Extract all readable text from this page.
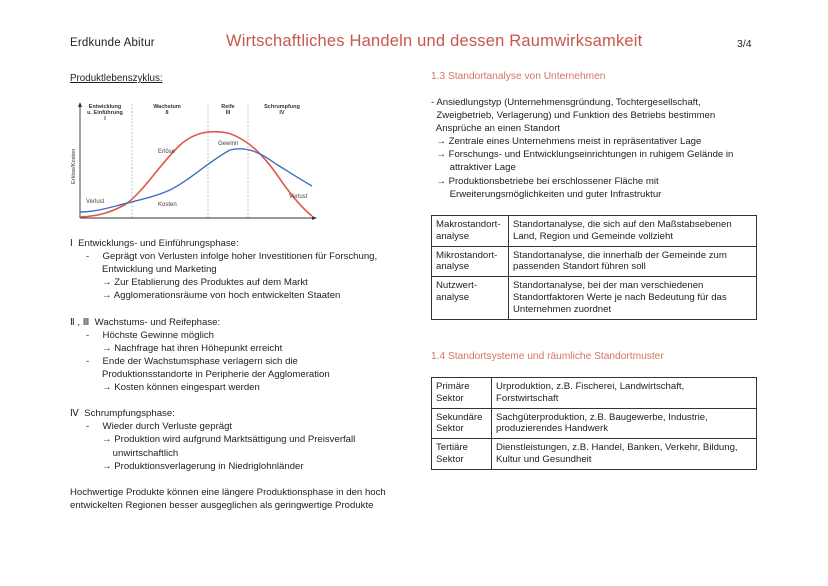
Erdkunde Abitur	Wirtschaftliches Handeln und dessen Raumwirksamkeit	3/4
Produktlebenszyklus:
Erlöse/Kosten
Entwicklung
u. Einführung
I
Wachstum
II
Reife
III
Schrumpfung
IV
Erlöse
Gewinn
Kosten
Verlust
Verlust
Ⅰ  Entwicklungs- und Einführungsphase:
-     Geprägt von Verlusten infolge hoher Investitionen für Forschung,
Entwicklung und Marketing
→ Zur Etablierung des Produktes auf dem Markt
→ Agglomerationsräume von hoch entwickelten Staaten
Ⅱ , Ⅲ  Wachstums- und Reifephase:
-     Höchste Gewinne möglich
→ Nachfrage hat ihren Höhepunkt erreicht
-     Ende der Wachstumsphase verlagern sich die
Produktionsstandorte in Peripherie der Agglomeration
→ Kosten können eingespart werden
Ⅳ  Schrumpfungsphase:
-     Wieder durch Verluste geprägt
→ Produktion wird aufgrund Marktsättigung und Preisverfall
unwirtschaftlich
→ Produktionsverlagerung in Niedriglohnländer
Hochwertige Produkte können eine längere Produktionsphase in den hoch
entwickelten Regionen besser ausgeglichen als geringwertige Produkte
1.3 Standortanalyse von Unternehmen
- Ansiedlungstyp (Unternehmensgründung, Tochtergesellschaft,
Zweigbetrieb, Verlagerung) und Funktion des Betriebs bestimmen
Ansprüche an einen Standort
→ Zentrale eines Unternehmens meist in repräsentativer Lage
→ Forschungs- und Entwicklungseinrichtungen in ruhigem Gelände in
attraktiver Lage
→ Produktionsbetriebe bei erschlossener Fläche mit
Erweiterungsmöglichkeiten und guter Infrastruktur
Makrostandort-
analyse	Standortanalyse, die sich auf den Maßstabsebenen
Land, Region und Gemeinde vollzieht
Mikrostandort-
analyse	Standortanalyse, die innerhalb der Gemeinde zum
passenden Standort führen soll
Nutzwert-
analyse	Standortanalyse, bei der man verschiedenen
Standortfaktoren Werte je nach Bedeutung für das
Unternehmen zuordnet
1.4 Standortsysteme und räumliche Standortmuster
Primäre
Sektor	Urproduktion, z.B. Fischerei, Landwirtschaft,
Forstwirtschaft
Sekundäre
Sektor	Sachgüterproduktion, z.B. Baugewerbe, Industrie,
produzierendes Handwerk
Tertiäre
Sektor	Dienstleistungen, z.B. Handel, Banken, Verkehr, Bildung,
Kultur und Gesundheit
